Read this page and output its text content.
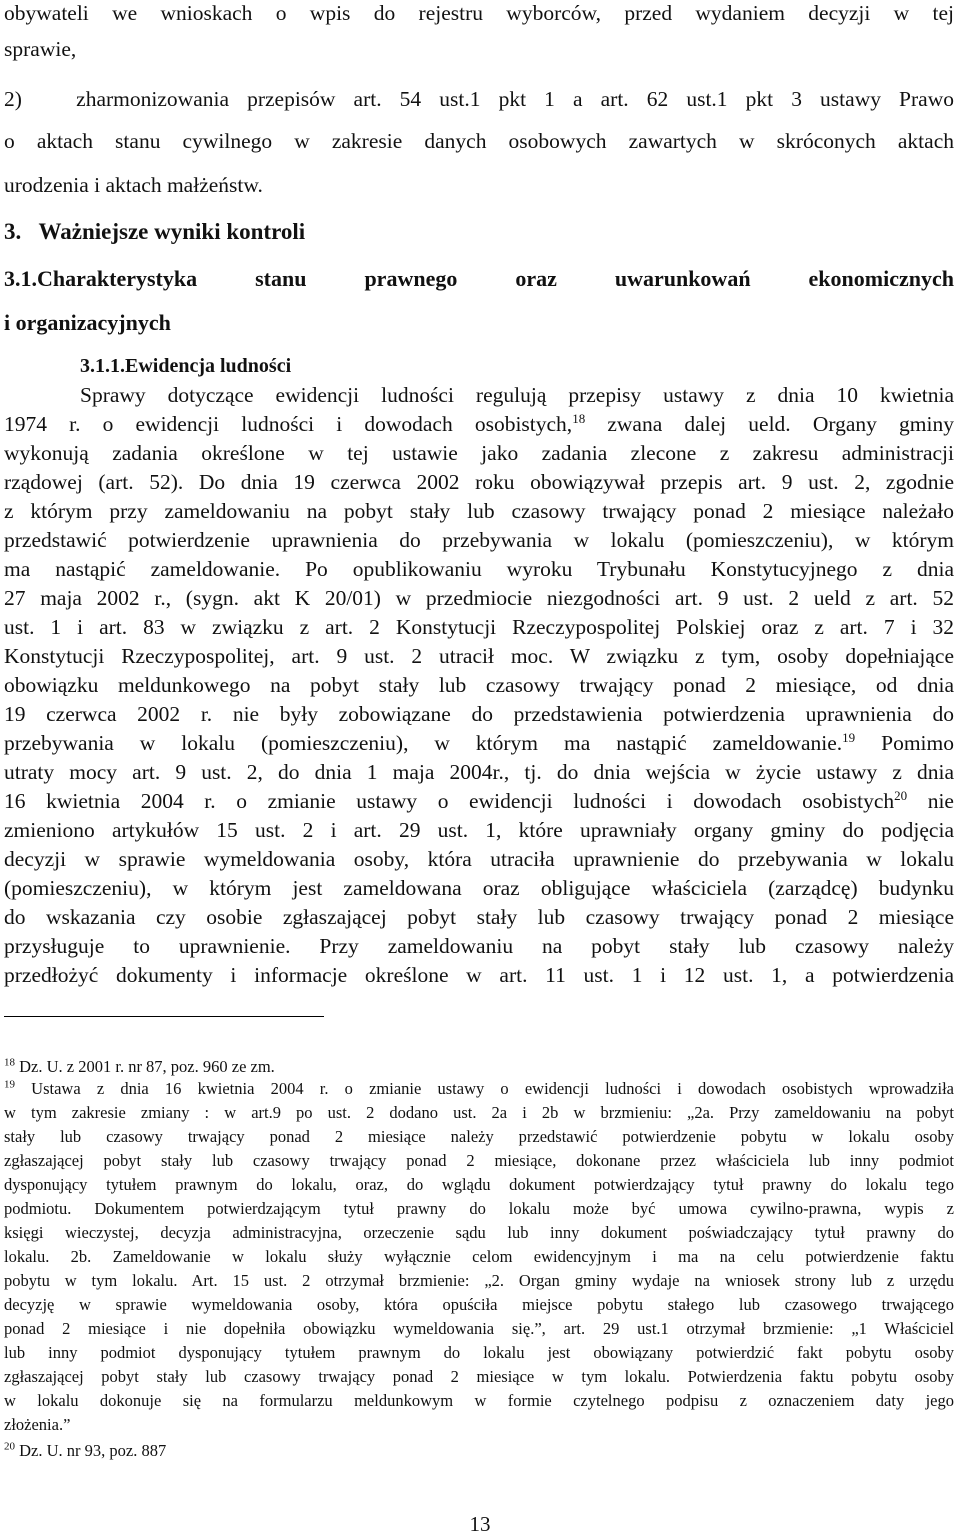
obywateli we wnioskach o wpis do rejestru wyborców, przed wydaniem decyzji w tej

sprawie,

2)   zharmonizowania przepisów art. 54 ust.1 pkt 1 a art. 62 ust.1 pkt 3 ustawy Prawo

o aktach stanu cywilnego w zakresie danych osobowych zawartych w skróconych aktach

urodzenia i aktach małżeństw.

3.   Ważniejsze wyniki kontroli

3.1.Charakterystyka stanu prawnego oraz uwarunkowań ekonomicznych

i organizacyjnych

3.1.1.Ewidencja ludności

Sprawy dotyczące ewidencji ludności regulują przepisy ustawy z dnia 10 kwietnia

1974 r. o ewidencji ludności i dowodach osobistych,$^{18}$ zwana dalej ueld. Organy gminy

wykonują zadania określone w tej ustawie jako zadania zlecone z zakresu administracji

rządowej (art. 52). Do dnia 19 czerwca 2002 roku obowiązywał przepis art. 9 ust. 2, zgodnie

z którym przy zameldowaniu na pobyt stały lub czasowy trwający ponad 2 miesiące należało

przedstawić potwierdzenie uprawnienia do przebywania w lokalu (pomieszczeniu), w którym

ma nastąpić zameldowanie. Po opublikowaniu wyroku Trybunału Konstytucyjnego z dnia

27 maja 2002 r., (sygn. akt K 20/01) w przedmiocie niezgodności art. 9 ust. 2 ueld z art. 52

ust. 1 i art. 83 w związku z art. 2 Konstytucji Rzeczypospolitej Polskiej oraz z art. 7 i 32

Konstytucji Rzeczypospolitej, art. 9 ust. 2 utracił moc. W związku z tym, osoby dopełniające

obowiązku meldunkowego na pobyt stały lub czasowy trwający ponad 2 miesiące, od dnia

19 czerwca 2002 r. nie były zobowiązane do przedstawienia potwierdzenia uprawnienia do

przebywania w lokalu (pomieszczeniu), w którym ma nastąpić zameldowanie.$^{19}$ Pomimo

utraty mocy art. 9 ust. 2, do dnia 1 maja 2004r., tj. do dnia wejścia w życie ustawy z dnia

16 kwietnia 2004 r. o zmianie ustawy o ewidencji ludności i dowodach osobistych$^{20}$ nie

zmieniono artykułów 15 ust. 2 i art. 29 ust. 1, które uprawniały organy gminy do podjęcia

decyzji w sprawie wymeldowania osoby, która utraciła uprawnienie do przebywania w lokalu

(pomieszczeniu), w którym jest zameldowana oraz obligujące właściciela (zarządcę) budynku

do wskazania czy osobie zgłaszającej pobyt stały lub czasowy trwający ponad 2 miesiące

przysługuje to uprawnienie. Przy zameldowaniu na pobyt stały lub czasowy należy

przedłożyć dokumenty i informacje określone w art. 11 ust. 1 i 12 ust. 1, a potwierdzenia

$^{18}$ Dz. U. z 2001 r. nr 87, poz. 960 ze zm.

$^{19}$ Ustawa z dnia 16 kwietnia 2004 r. o zmianie ustawy o ewidencji ludności i dowodach osobistych wprowadziła

w tym zakresie zmiany : w art.9 po ust. 2 dodano ust. 2a i 2b w brzmieniu: „2a. Przy zameldowaniu na pobyt

stały lub czasowy trwający ponad 2 miesiące należy przedstawić potwierdzenie pobytu w lokalu osoby

zgłaszającej pobyt stały lub czasowy trwający ponad 2 miesiące, dokonane przez właściciela lub inny podmiot

dysponujący tytułem prawnym do lokalu, oraz, do wglądu dokument potwierdzający tytuł prawny do lokalu tego

podmiotu. Dokumentem potwierdzającym tytuł prawny do lokalu może być umowa cywilno-prawna, wypis z

księgi wieczystej, decyzja administracyjna, orzeczenie sądu lub inny dokument poświadczający tytuł prawny do

lokalu. 2b. Zameldowanie w lokalu służy wyłącznie celom ewidencyjnym i ma na celu potwierdzenie faktu

pobytu w tym lokalu. Art. 15 ust. 2 otrzymał brzmienie: „2. Organ gminy wydaje na wniosek strony lub z urzędu

decyzję w sprawie wymeldowania osoby, która opuściła miejsce pobytu stałego lub czasowego trwającego

ponad 2 miesiące i nie dopełniła obowiązku wymeldowania się.”, art. 29 ust.1 otrzymał brzmienie: „1 Właściciel

lub inny podmiot dysponujący tytułem prawnym do lokalu jest obowiązany potwierdzić fakt pobytu osoby

zgłaszającej pobyt stały lub czasowy trwający ponad 2 miesiące w tym lokalu. Potwierdzenia faktu pobytu osoby

w lokalu dokonuje się na formularzu meldunkowym w formie czytelnego podpisu z oznaczeniem daty jego

złożenia.”

$^{20}$ Dz. U. nr 93, poz. 887

13
